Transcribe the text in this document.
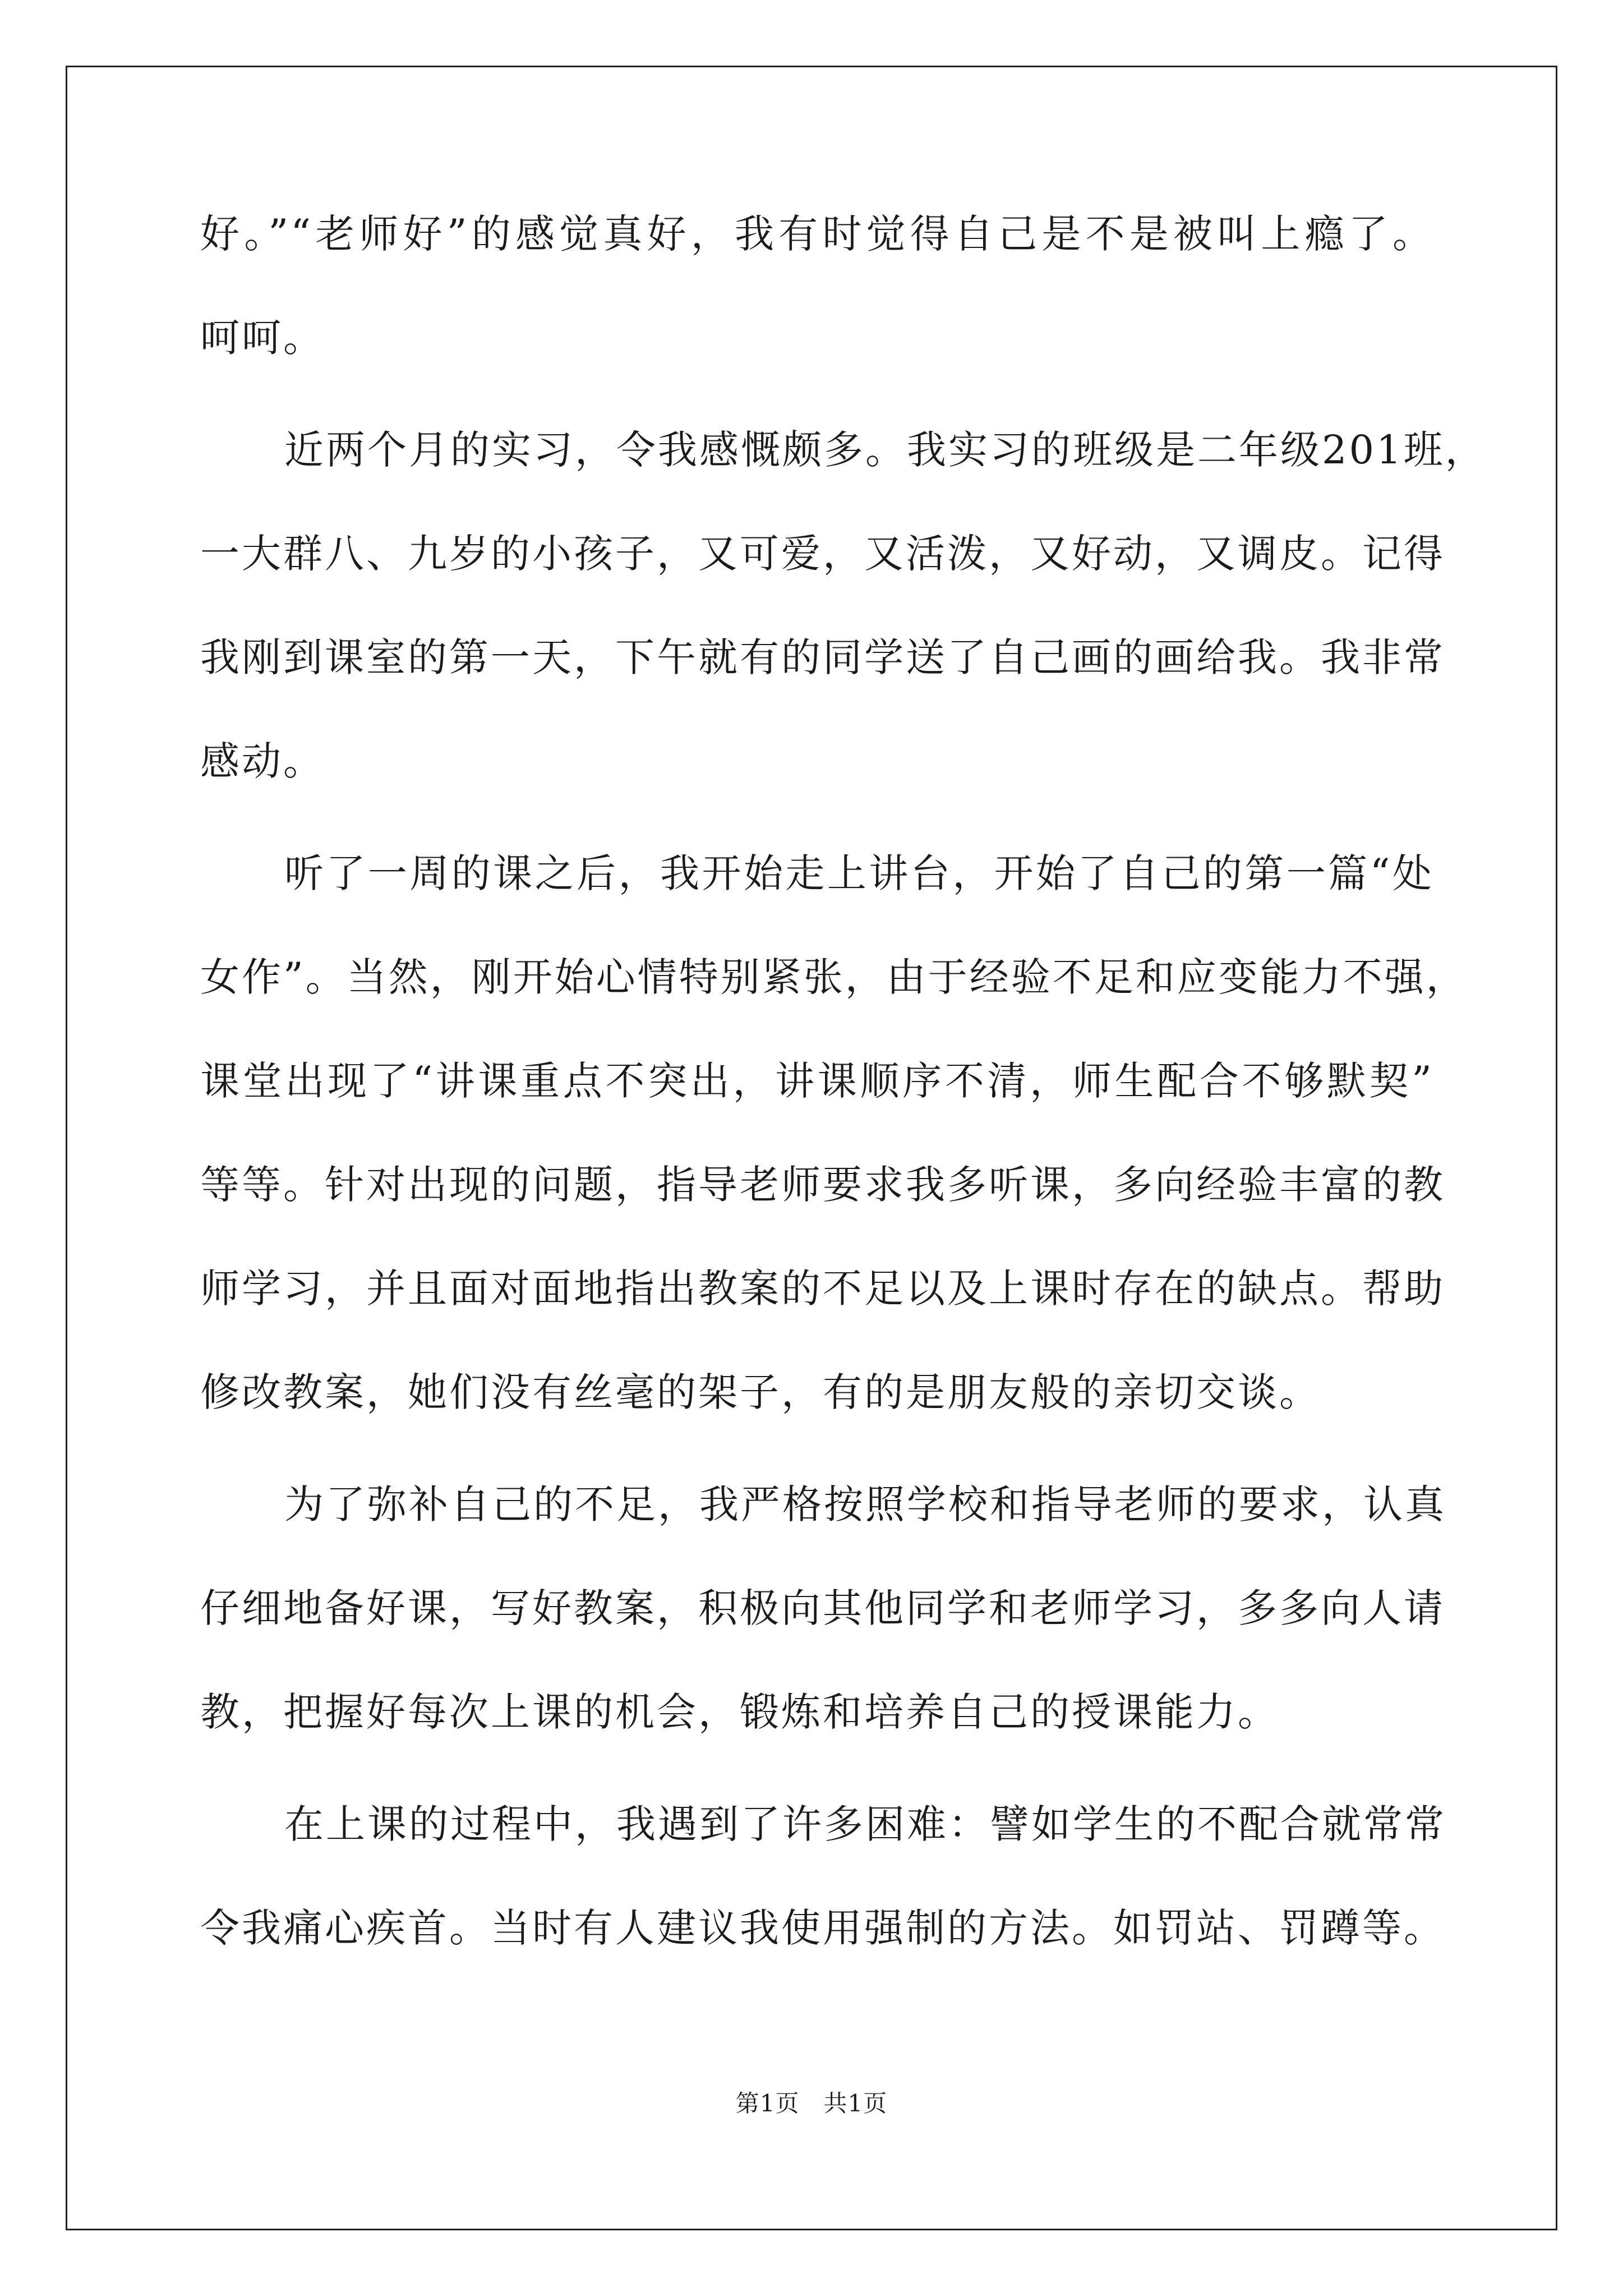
好。”“老师好”的感觉真好，我有时觉得自己是不是被叫上瘾了。
呵呵。
近两个月的实习，令我感慨颇多。我实习的班级是二年级201班，
一大群八、九岁的小孩子，又可爱，又活泼，又好动，又调皮。记得
我刚到课室的第一天，下午就有的同学送了自己画的画给我。我非常
感动。
听了一周的课之后，我开始走上讲台，开始了自己的第一篇“处
女作”。当然，刚开始心情特别紧张，由于经验不足和应变能力不强，
课堂出现了“讲课重点不突出，讲课顺序不清，师生配合不够默契”
等等。针对出现的问题，指导老师要求我多听课，多向经验丰富的教
师学习，并且面对面地指出教案的不足以及上课时存在的缺点。帮助
修改教案，她们没有丝毫的架子，有的是朋友般的亲切交谈。
为了弥补自己的不足，我严格按照学校和指导老师的要求，认真
仔细地备好课，写好教案，积极向其他同学和老师学习，多多向人请
教，把握好每次上课的机会，锻炼和培养自己的授课能力。
在上课的过程中，我遇到了许多困难：譬如学生的不配合就常常
令我痛心疾首。当时有人建议我使用强制的方法。如罚站、罚蹲等。
第1页　共1页
